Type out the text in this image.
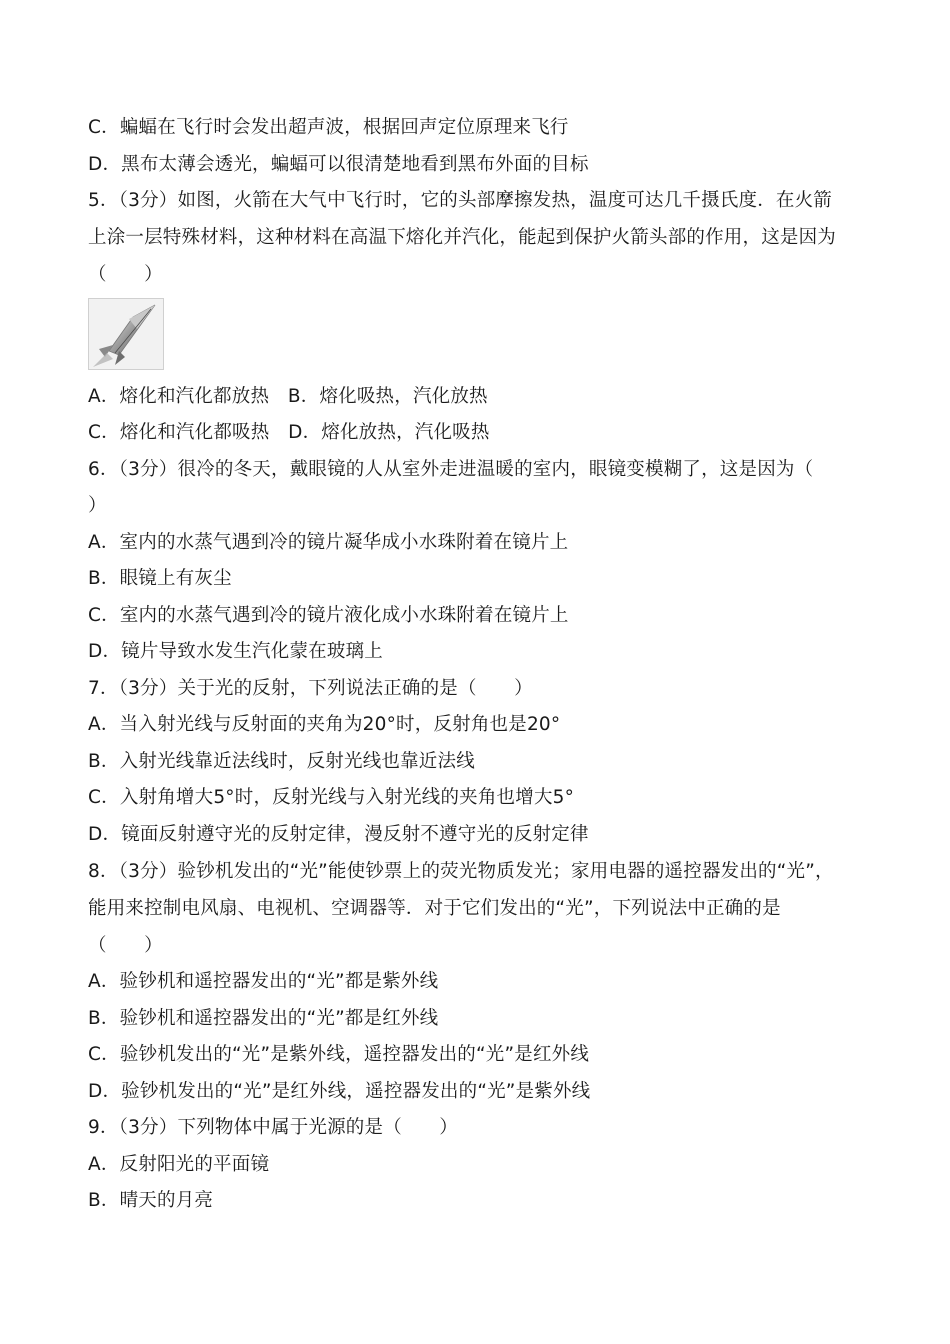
C．蝙蝠在飞行时会发出超声波，根据回声定位原理来飞行
D．黑布太薄会透光，蝙蝠可以很清楚地看到黑布外面的目标
5．（3分）如图，火箭在大气中飞行时，它的头部摩擦发热，温度可达几千摄氏度．在火箭
上涂一层特殊材料，这种材料在高温下熔化并汽化，能起到保护火箭头部的作用，这是因为
（　　）
A．熔化和汽化都放热　B．熔化吸热，汽化放热
C．熔化和汽化都吸热　D．熔化放热，汽化吸热
6．（3分）很冷的冬天，戴眼镜的人从室外走进温暖的室内，眼镜变模糊了，这是因为（
）
A．室内的水蒸气遇到冷的镜片凝华成小水珠附着在镜片上
B．眼镜上有灰尘
C．室内的水蒸气遇到冷的镜片液化成小水珠附着在镜片上
D．镜片导致水发生汽化蒙在玻璃上
7．（3分）关于光的反射，下列说法正确的是（　　）
A．当入射光线与反射面的夹角为20°时，反射角也是20°
B．入射光线靠近法线时，反射光线也靠近法线
C．入射角增大5°时，反射光线与入射光线的夹角也增大5°
D．镜面反射遵守光的反射定律，漫反射不遵守光的反射定律
8．（3分）验钞机发出的“光”能使钞票上的荧光物质发光；家用电器的遥控器发出的“光”，
能用来控制电风扇、电视机、空调器等．对于它们发出的“光”，下列说法中正确的是
（　　）
A．验钞机和遥控器发出的“光”都是紫外线
B．验钞机和遥控器发出的“光”都是红外线
C．验钞机发出的“光”是紫外线，遥控器发出的“光”是红外线
D．验钞机发出的“光”是红外线，遥控器发出的“光”是紫外线
9．（3分）下列物体中属于光源的是（　　）
A．反射阳光的平面镜
B．晴天的月亮
